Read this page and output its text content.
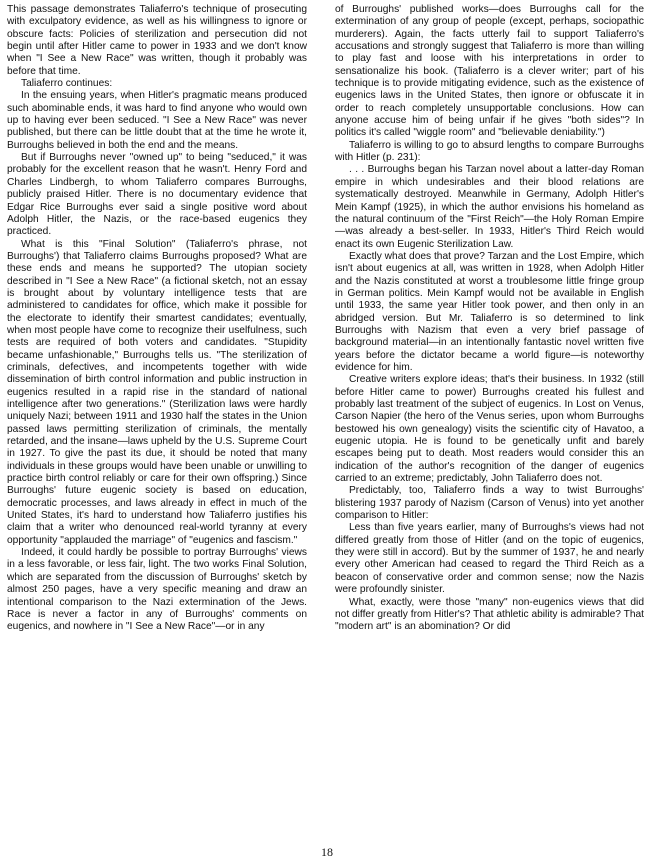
This passage demonstrates Taliaferro's technique of prosecuting with exculpatory evidence, as well as his willingness to ignore or obscure facts: Policies of sterilization and persecution did not begin until after Hitler came to power in 1933 and we don't know when "I See a New Race" was written, though it probably was before that time.

Taliaferro continues:

In the ensuing years, when Hitler's pragmatic means produced such abominable ends, it was hard to find anyone who would own up to having ever been seduced. "I See a New Race" was never published, but there can be little doubt that at the time he wrote it, Burroughs believed in both the end and the means.

But if Burroughs never "owned up" to being "seduced," it was probably for the excellent reason that he wasn't. Henry Ford and Charles Lindbergh, to whom Taliaferro compares Burroughs, publicly praised Hitler. There is no documentary evidence that Edgar Rice Burroughs ever said a single positive word about Adolph Hitler, the Nazis, or the race-based eugenics they practiced.

What is this "Final Solution" (Taliaferro's phrase, not Burroughs') that Taliaferro claims Burroughs proposed? What are these ends and means he supported? The utopian society described in "I See a New Race" (a fictional sketch, not an essay is brought about by voluntary intelligence tests that are administered to candidates for office, which make it possible for the electorate to identify their smartest candidates; eventually, when most people have come to recognize their uselfulness, such tests are required of both voters and candidates. "Stupidity became unfashionable," Burroughs tells us. "The sterilization of criminals, defectives, and incompetents together with wide dissemination of birth control information and public instruction in eugenics resulted in a rapid rise in the standard of national intelligence after two generations." (Sterilization laws were hardly uniquely Nazi; between 1911 and 1930 half the states in the Union passed laws permitting sterilization of criminals, the mentally retarded, and the insane—laws upheld by the U.S. Supreme Court in 1927. To give the past its due, it should be noted that many individuals in these groups would have been unable or unwilling to practice birth control reliably or care for their own offspring.) Since Burroughs' future eugenic society is based on education, democratic processes, and laws already in effect in much of the United States, it's hard to understand how Taliaferro justifies his claim that a writer who denounced real-world tyranny at every opportunity "applauded the marriage" of "eugenics and fascism."

Indeed, it could hardly be possible to portray Burroughs' views in a less favorable, or less fair, light. The two works Final Solution, which are separated from the discussion of Burroughs' sketch by almost 250 pages, have a very specific meaning and draw an intentional comparison to the Nazi extermination of the Jews. Race is never a factor in any of Burroughs' comments on eugenics, and nowhere in "I See a New Race"—or in any

of Burroughs' published works—does Burroughs call for the extermination of any group of people (except, perhaps, sociopathic murderers). Again, the facts utterly fail to support Taliaferro's accusations and strongly suggest that Taliaferro is more than willing to play fast and loose with his interpretations in order to sensationalize his book. (Taliaferro is a clever writer; part of his technique is to provide mitigating evidence, such as the existence of eugenics laws in the United States, then ignore or obfuscate it in order to reach completely unsupportable conclusions. How can anyone accuse him of being unfair if he gives "both sides"? In politics it's called "wiggle room" and "believable deniability.")

Taliaferro is willing to go to absurd lengths to compare Burroughs with Hitler (p. 231):

. . . Burroughs began his Tarzan novel about a latter-day Roman empire in which undesirables and their blood relations are systematically destroyed. Meanwhile in Germany, Adolph Hitler's Mein Kampf (1925), in which the author envisions his homeland as the natural continuum of the "First Reich"—the Holy Roman Empire—was already a best-seller. In 1933, Hitler's Third Reich would enact its own Eugenic Sterilization Law.

Exactly what does that prove? Tarzan and the Lost Empire, which isn't about eugenics at all, was written in 1928, when Adolph Hitler and the Nazis constituted at worst a troublesome little fringe group in German politics. Mein Kampf would not be available in English until 1933, the same year Hitler took power, and then only in an abridged version. But Mr. Taliaferro is so determined to link Burroughs with Nazism that even a very brief passage of background material—in an intentionally fantastic novel written five years before the dictator became a world figure—is noteworthy evidence for him.

Creative writers explore ideas; that's their business. In 1932 (still before Hitler came to power) Burroughs created his fullest and probably last treatment of the subject of eugenics. In Lost on Venus, Carson Napier (the hero of the Venus series, upon whom Burroughs bestowed his own genealogy) visits the scientific city of Havatoo, a eugenic utopia. He is found to be genetically unfit and barely escapes being put to death. Most readers would consider this an indication of the author's recognition of the danger of eugenics carried to an extreme; predictably, John Taliaferro does not.

Predictably, too, Taliaferro finds a way to twist Burroughs' blistering 1937 parody of Nazism (Carson of Venus) into yet another comparison to Hitler:

Less than five years earlier, many of Burroughs's views had not differed greatly from those of Hitler (and on the topic of eugenics, they were still in accord). But by the summer of 1937, he and nearly every other American had ceased to regard the Third Reich as a beacon of conservative order and common sense; now the Nazis were profoundly sinister.

What, exactly, were those "many" non-eugenics views that did not differ greatly from Hitler's? That athletic ability is admirable? That "modern art" is an abomination? Or did

18
